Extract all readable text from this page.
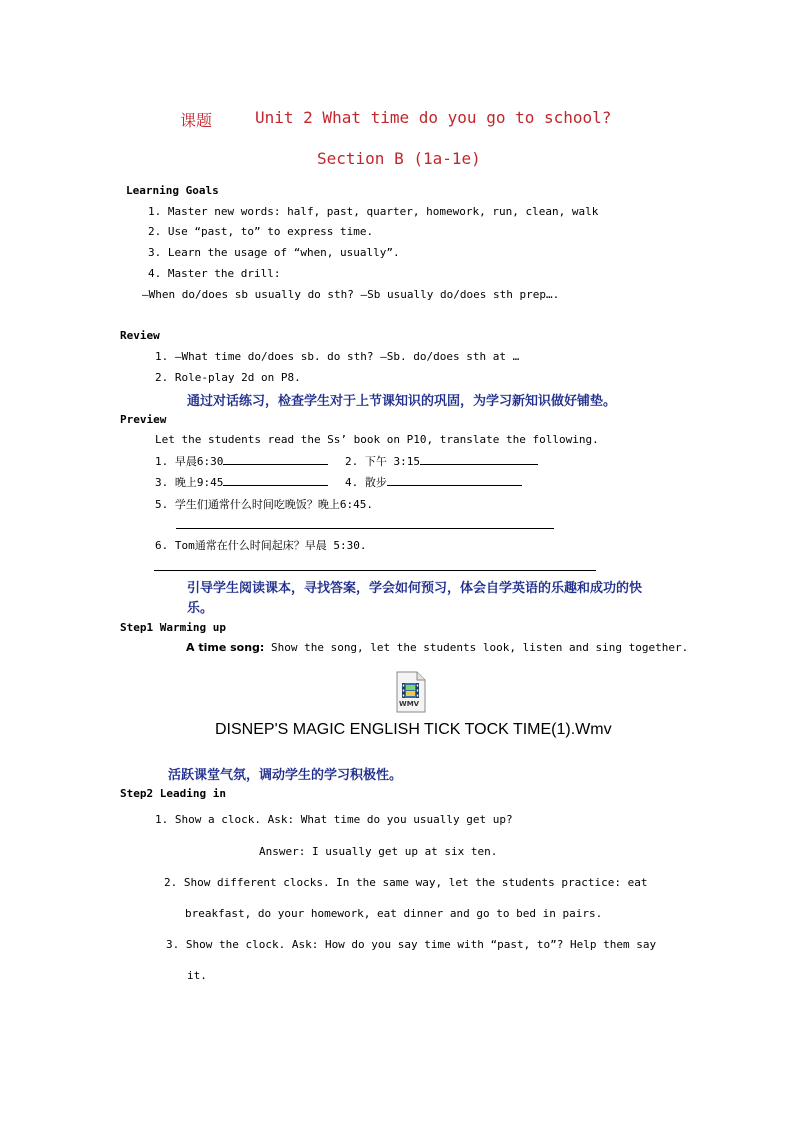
课题	Unit 2 What time do you go to school?
Section B (1a-1e)
Learning Goals
1. Master new words: half, past, quarter, homework, run, clean, walk
2. Use “past, to” to express time.
3. Learn the usage of “when, usually”.
4. Master the drill:
—When do/does sb usually do sth? —Sb usually do/does sth prep….
Review
1. —What time do/does sb. do sth? —Sb. do/does sth at …
2. Role-play 2d on P8.
通过对话练习，检查学生对于上节课知识的巩固，为学习新知识做好铺垫。
Preview
Let the students read the Ss’ book on P10, translate the following.
1. 早晨6:30	2. 下午 3:15
3. 晚上9:45	4. 散步
5. 学生们通常什么时间吃晚饭？晚上6:45.
6. Tom通常在什么时间起床？早晨 5:30.
引导学生阅读课本，寻找答案，学会如何预习，体会自学英语的乐趣和成功的快
乐。
Step1 Warming up
A time song: Show the song, let the students look, listen and sing together.
WMV
DISNEP'S MAGIC ENGLISH TICK TOCK TIME(1).Wmv
活跃课堂气氛，调动学生的学习积极性。
Step2 Leading in
1. Show a clock. Ask: What time do you usually get up?
Answer: I usually get up at six ten.
2. Show different clocks. In the same way, let the students practice: eat
breakfast, do your homework, eat dinner and go to bed in pairs.
3. Show the clock. Ask: How do you say time with “past, to”? Help them say
it.
